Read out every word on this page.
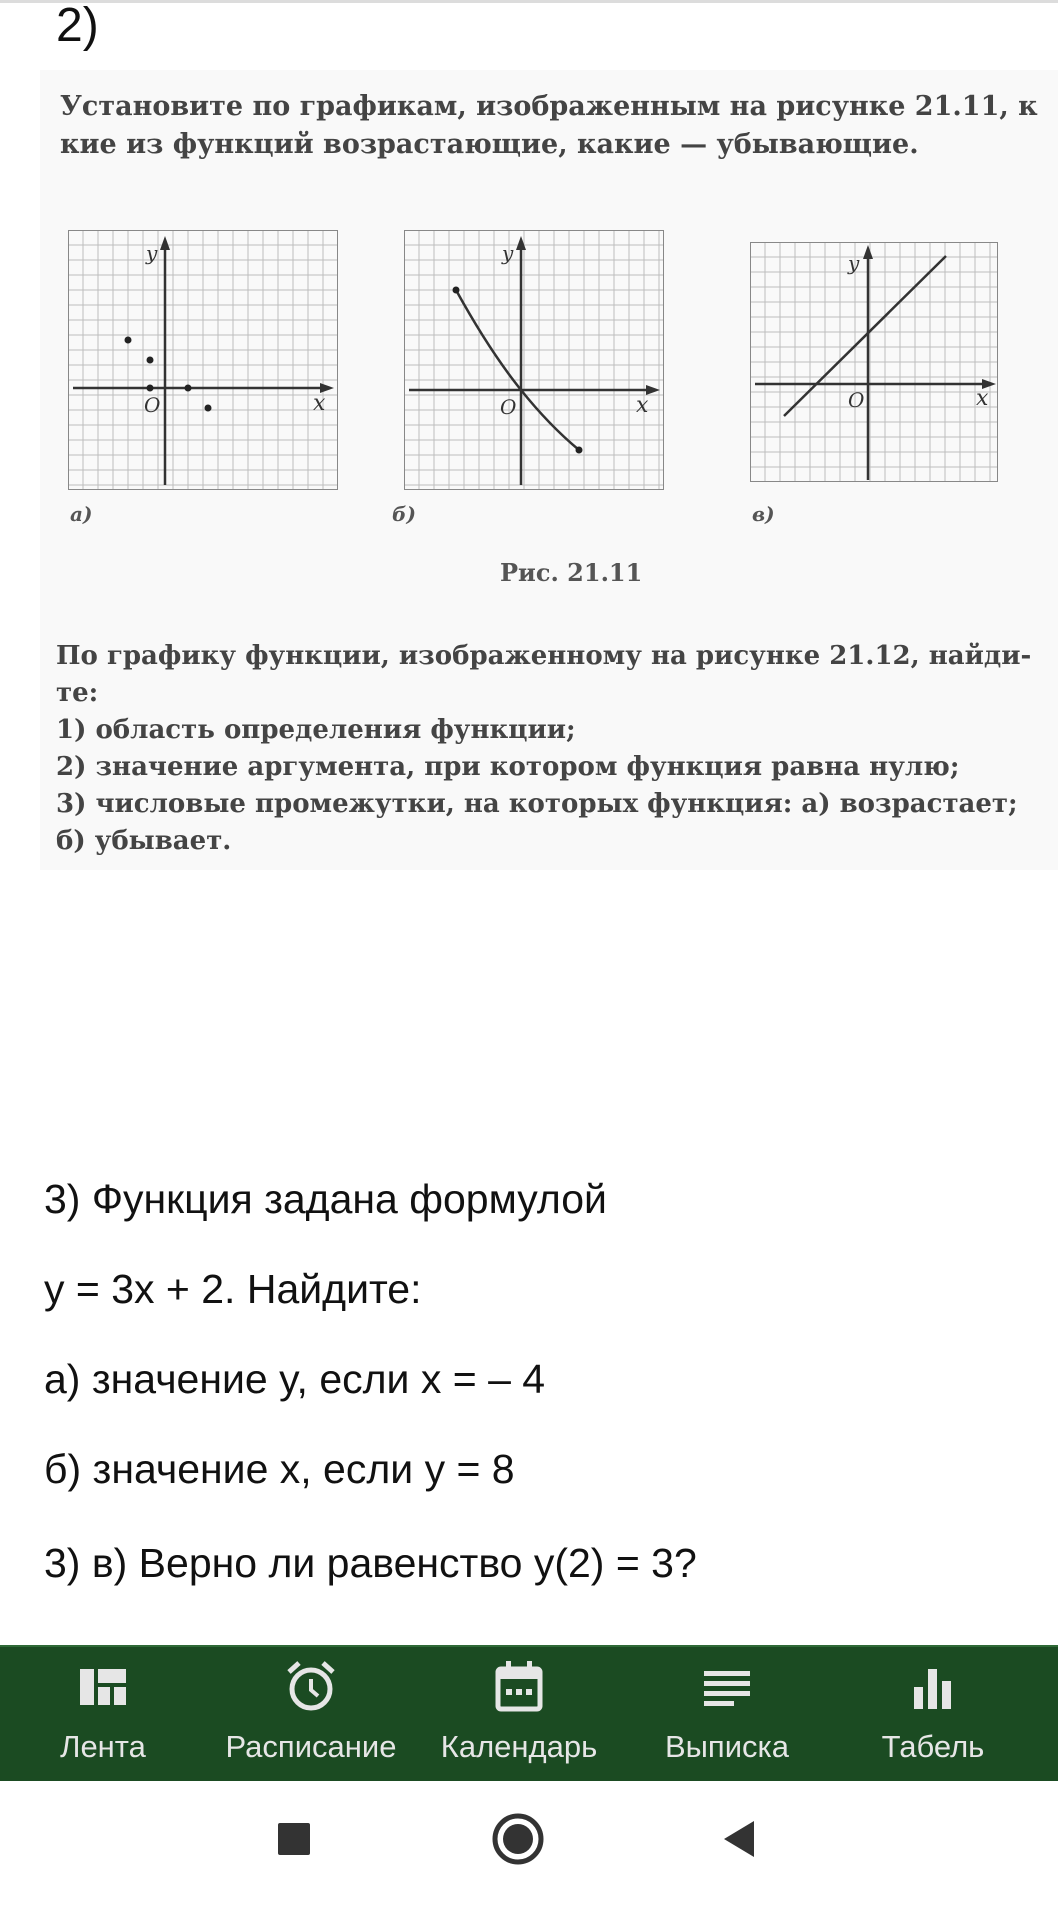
2)
Установите по графикам, изображенным на рисунке 21.11, к
кие из функций возрастающие, какие — убывающие.
y
x
O
а)
y
x
O
б)
y
x
O
в)
Рис. 21.11
По графику функции, изображенному на рисунке 21.12, найди-
те:
1) область определения функции;
2) значение аргумента, при котором функция равна нулю;
3) числовые промежутки, на которых функция: а) возрастает;
б) убывает.
3) Функция задана формулой
y = 3x + 2. Найдите:
а) значение y, если x = – 4
б) значение x, если y = 8
3) в) Верно ли равенство y(2) = 3?
Лента	Расписание	Календарь	Выписка	Табель
